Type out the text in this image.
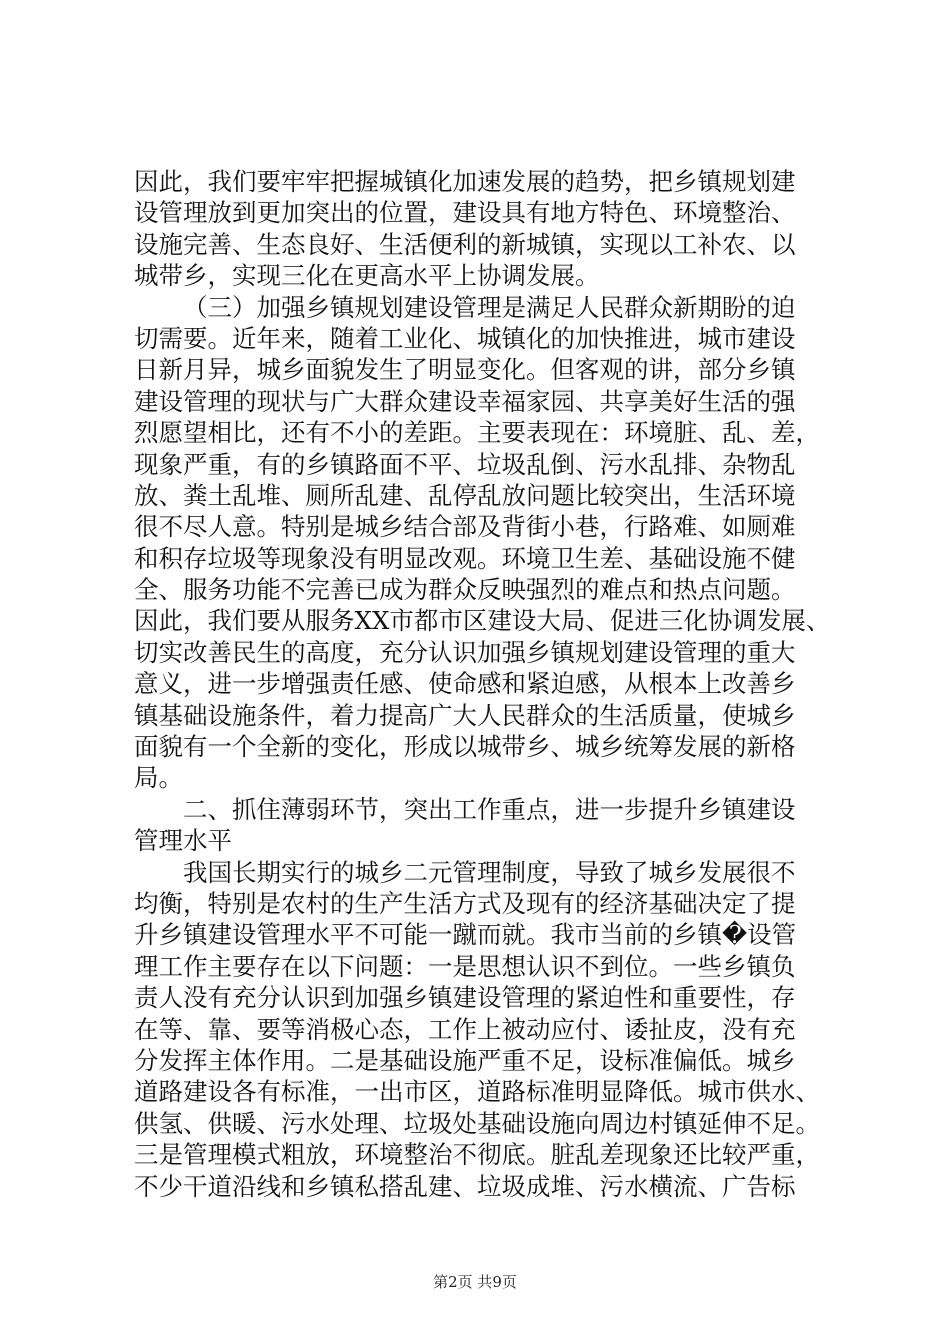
因此，我们要牢牢把握城镇化加速发展的趋势，把乡镇规划建
设管理放到更加突出的位置，建设具有地方特色、环境整治、
设施完善、生态良好、生活便利的新城镇，实现以工补农、以
城带乡，实现三化在更高水平上协调发展。
（三）加强乡镇规划建设管理是满足人民群众新期盼的迫
切需要。近年来，随着工业化、城镇化的加快推进，城市建设
日新月异，城乡面貌发生了明显变化。但客观的讲，部分乡镇
建设管理的现状与广大群众建设幸福家园、共享美好生活的强
烈愿望相比，还有不小的差距。主要表现在：环境脏、乱、差，
现象严重，有的乡镇路面不平、垃圾乱倒、污水乱排、杂物乱
放、粪土乱堆、厕所乱建、乱停乱放问题比较突出，生活环境
很不尽人意。特别是城乡结合部及背街小巷，行路难、如厕难
和积存垃圾等现象没有明显改观。环境卫生差、基础设施不健
全、服务功能不完善已成为群众反映强烈的难点和热点问题。
因此，我们要从服务XX市都市区建设大局、促进三化协调发展、
切实改善民生的高度，充分认识加强乡镇规划建设管理的重大
意义，进一步增强责任感、使命感和紧迫感，从根本上改善乡
镇基础设施条件，着力提高广大人民群众的生活质量，使城乡
面貌有一个全新的变化，形成以城带乡、城乡统筹发展的新格
局。
二、抓住薄弱环节，突出工作重点，进一步提升乡镇建设
管理水平
我国长期实行的城乡二元管理制度，导致了城乡发展很不
均衡，特别是农村的生产生活方式及现有的经济基础决定了提
升乡镇建设管理水平不可能一蹴而就。我市当前的乡镇�设管
理工作主要存在以下问题：一是思想认识不到位。一些乡镇负
责人没有充分认识到加强乡镇建设管理的紧迫性和重要性，存
在等、靠、要等消极心态，工作上被动应付、诿扯皮，没有充
分发挥主体作用。二是基础设施严重不足，设标准偏低。城乡
道路建设各有标准，一出市区，道路标准明显降低。城市供水、
供氢、供暖、污水处理、垃圾处基础设施向周边村镇延伸不足。
三是管理模式粗放，环境整治不彻底。脏乱差现象还比较严重，
不少干道沿线和乡镇私搭乱建、垃圾成堆、污水横流、广告标
第2页 共9页
